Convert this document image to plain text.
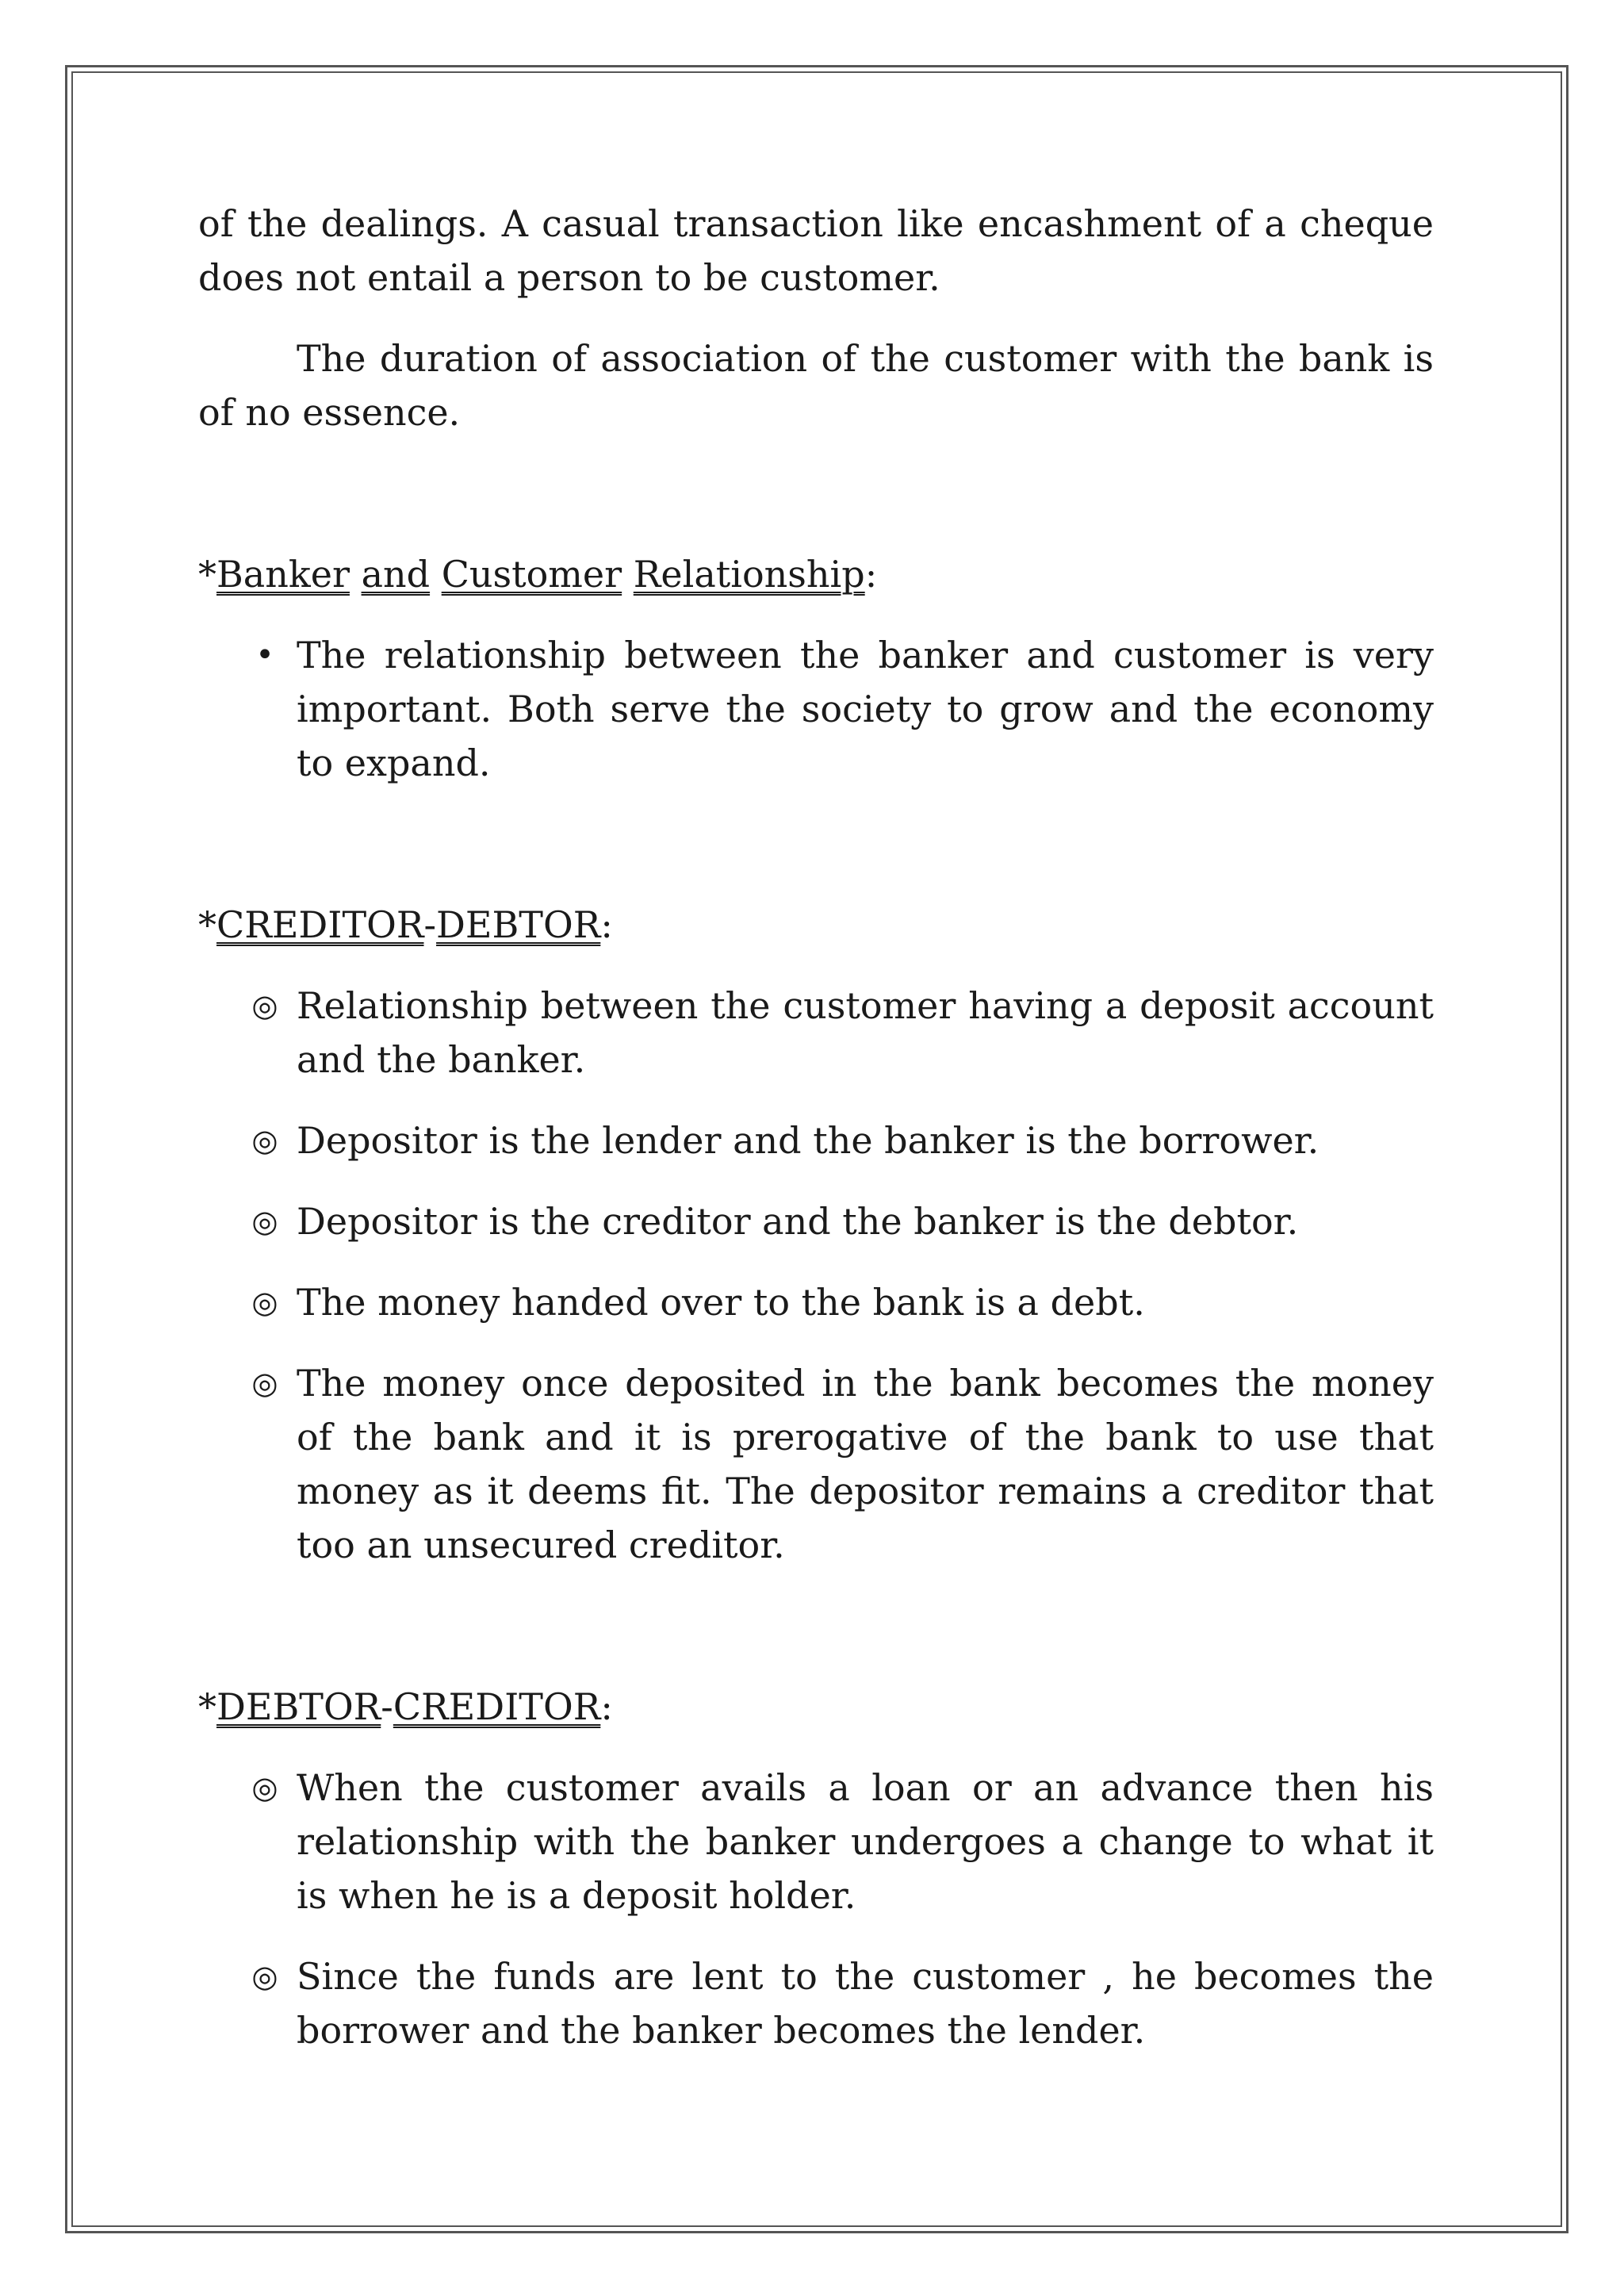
of the dealings. A casual transaction like encashment of a cheque does not entail a person to be customer.

The duration of association of the customer with the bank is of no essence.

*Banker and Customer Relationship:

• The relationship between the banker and customer is very important. Both serve the society to grow and the economy to expand.

*CREDITOR-DEBTOR:

◎ Relationship between the customer having a deposit account and the banker.
◎ Depositor is the lender and the banker is the borrower.
◎ Depositor is the creditor and the banker is the debtor.
◎ The money handed over to the bank is a debt.
◎ The money once deposited in the bank becomes the money of the bank and it is prerogative of the bank to use that money as it deems fit. The depositor remains a creditor that too an unsecured creditor.

*DEBTOR-CREDITOR:

◎ When the customer avails a loan or an advance then his relationship with the banker undergoes a change to what it is when he is a deposit holder.
◎ Since the funds are lent to the customer , he becomes the borrower and the banker becomes the lender.
